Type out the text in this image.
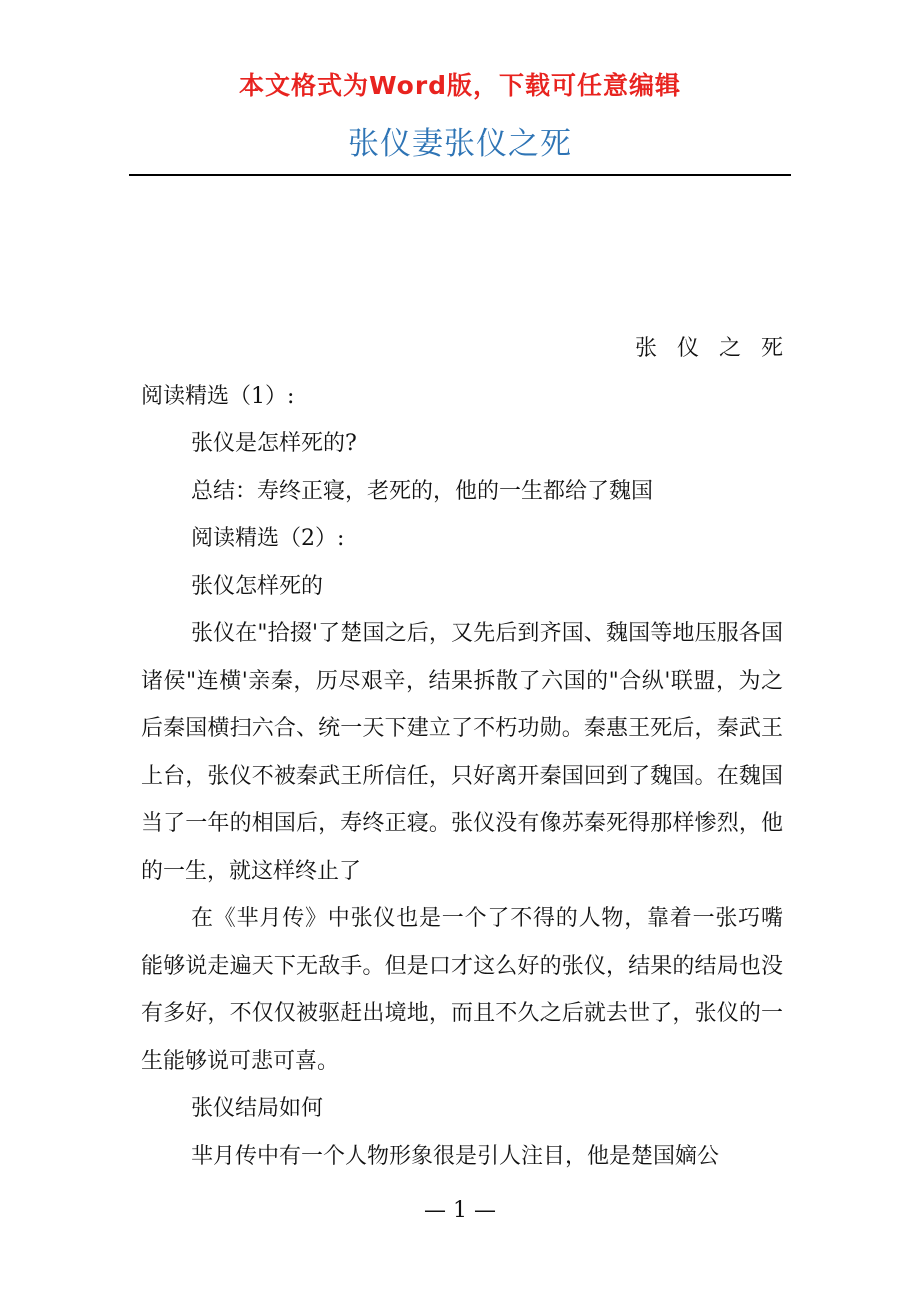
本文格式为Word版，下载可任意编辑
张仪妻张仪之死

张仪之死

阅读精选（1）:

张仪是怎样死的?

总结：寿终正寝，老死的，他的一生都给了魏国

阅读精选（2）:

张仪怎样死的

张仪在"拾掇'了楚国之后，又先后到齐国、魏国等地压服各国诸侯"连横'亲秦，历尽艰辛，结果拆散了六国的"合纵'联盟，为之后秦国横扫六合、统一天下建立了不朽功勋。秦惠王死后，秦武王上台，张仪不被秦武王所信任，只好离开秦国回到了魏国。在魏国当了一年的相国后，寿终正寝。张仪没有像苏秦死得那样惨烈，他的一生，就这样终止了

在《芈月传》中张仪也是一个了不得的人物，靠着一张巧嘴能够说走遍天下无敌手。但是口才这么好的张仪，结果的结局也没有多好，不仅仅被驱赶出境地，而且不久之后就去世了，张仪的一生能够说可悲可喜。

张仪结局如何

芈月传中有一个人物形象很是引人注目，他是楚国嫡公

— 1 —
